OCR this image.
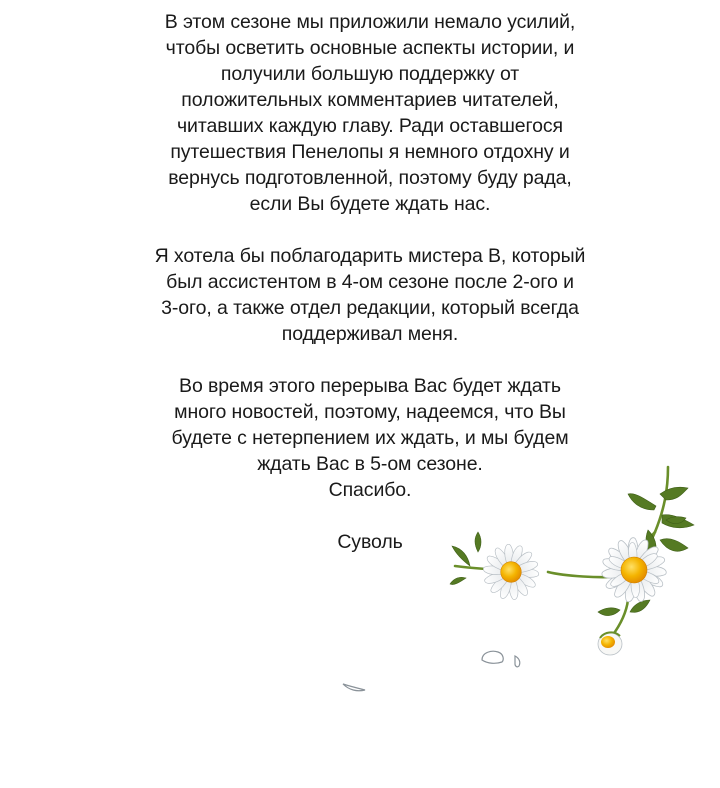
В этом сезоне мы приложили немало усилий,
чтобы осветить основные аспекты истории, и
получили большую поддержку от
положительных комментариев читателей,
читавших каждую главу. Ради оставшегося
путешествия Пенелопы я немного отдохну и
вернусь подготовленной, поэтому буду рада,
если Вы будете ждать нас.

Я хотела бы поблагодарить мистера В, который
был ассистентом в 4-ом сезоне после 2-ого и
3-ого, а также отдел редакции, который всегда
поддерживал меня.

Во время этого перерыва Вас будет ждать
много новостей, поэтому, надеемся, что Вы
будете с нетерпением их ждать, и мы будем
ждать Вас в 5-ом сезоне.
Спасибо.

Суволь
